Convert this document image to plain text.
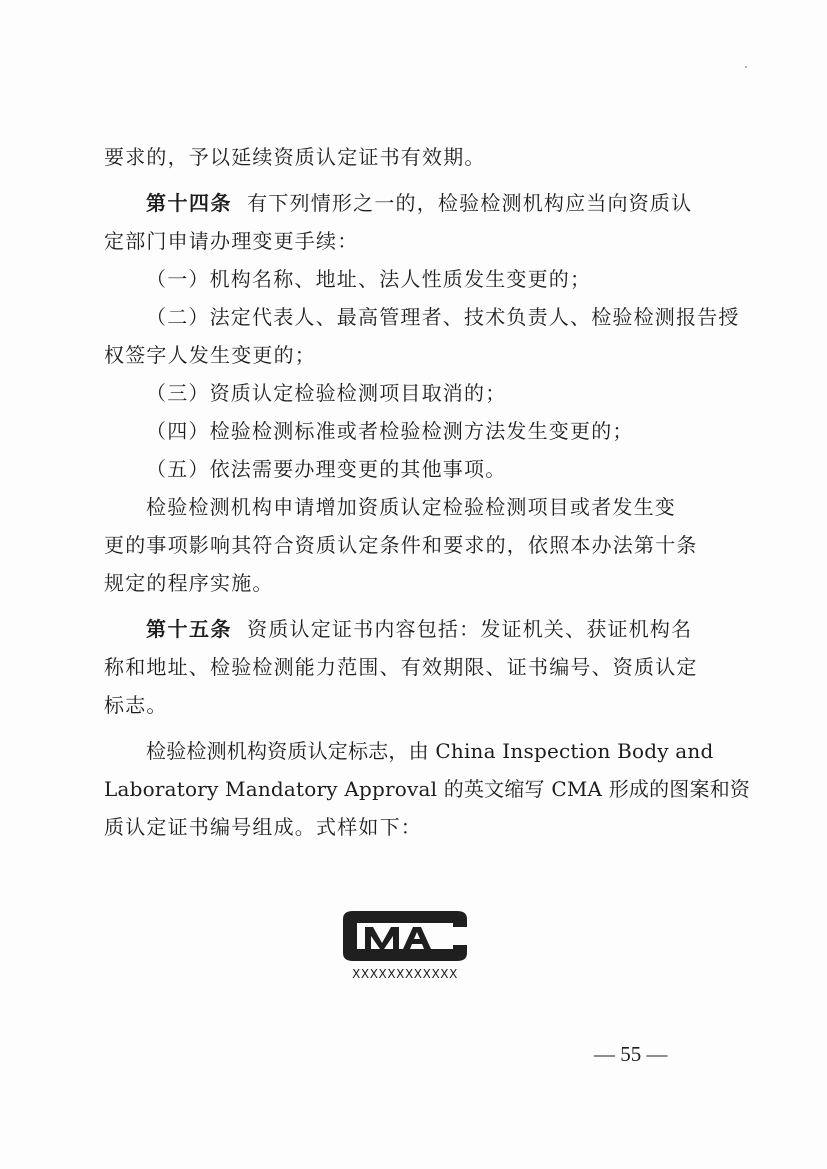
要求的，予以延续资质认定证书有效期。

第十四条 有下列情形之一的，检验检测机构应当向资质认

定部门申请办理变更手续：

（一）机构名称、地址、法人性质发生变更的；

（二）法定代表人、最高管理者、技术负责人、检验检测报告授

权签字人发生变更的；

（三）资质认定检验检测项目取消的；

（四）检验检测标准或者检验检测方法发生变更的；

（五）依法需要办理变更的其他事项。

检验检测机构申请增加资质认定检验检测项目或者发生变

更的事项影响其符合资质认定条件和要求的，依照本办法第十条

规定的程序实施。

第十五条 资质认定证书内容包括：发证机关、获证机构名

称和地址、检验检测能力范围、有效期限、证书编号、资质认定

标志。

检验检测机构资质认定标志，由 China Inspection Body and

Laboratory Mandatory Approval 的英文缩写 CMA 形成的图案和资

质认定证书编号组成。式样如下：

XXXXXXXXXXXX
— 55 —
